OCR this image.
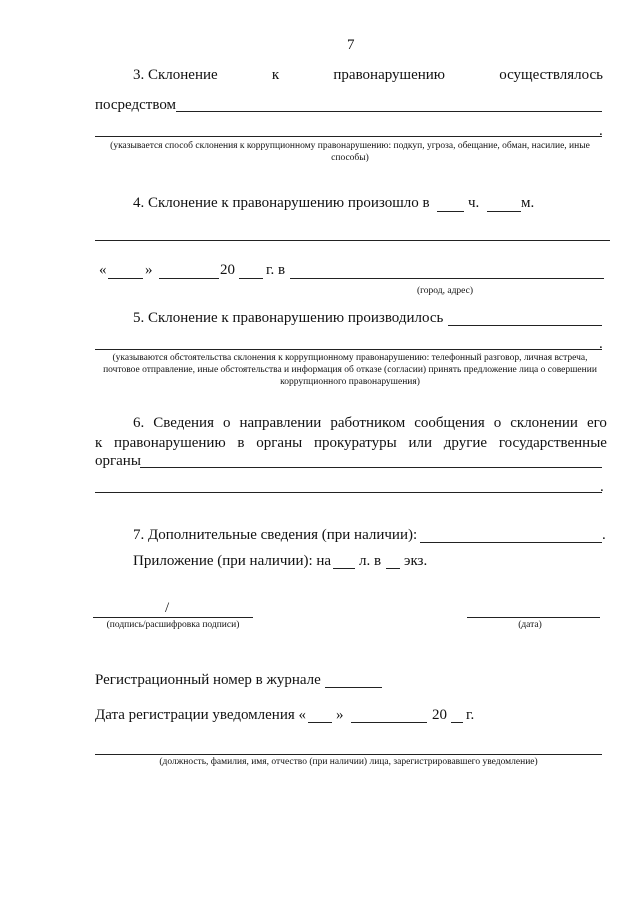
7
3. Склонение	к	правонарушению	осуществлялось
посредством
.
(указывается способ склонения к коррупционному правонарушению: подкуп, угроза, обещание, обман, насилие, иные способы)
4. Склонение к правонарушению произошло в	ч.	м.
«	»	20 г. в
(город, адрес)
5. Склонение к правонарушению производилось
.
(указываются обстоятельства склонения к коррупционному правонарушению: телефонный разговор, личная встреча, почтовое отправление, иные обстоятельства и информация об отказе (согласии) принять предложение лица о совершении коррупционного правонарушения)
6. Сведения о направлении работником сообщения о склонении его
к правонарушению в органы прокуратуры или другие государственные
органы
.
7. Дополнительные сведения (при наличии):	.
Приложение (при наличии): на л. в экз.
/
(подпись/расшифровка подписи)	(дата)
Регистрационный номер в журнале
Дата регистрации уведомления « »	20 г.
(должность, фамилия, имя, отчество (при наличии) лица, зарегистрировавшего уведомление)
